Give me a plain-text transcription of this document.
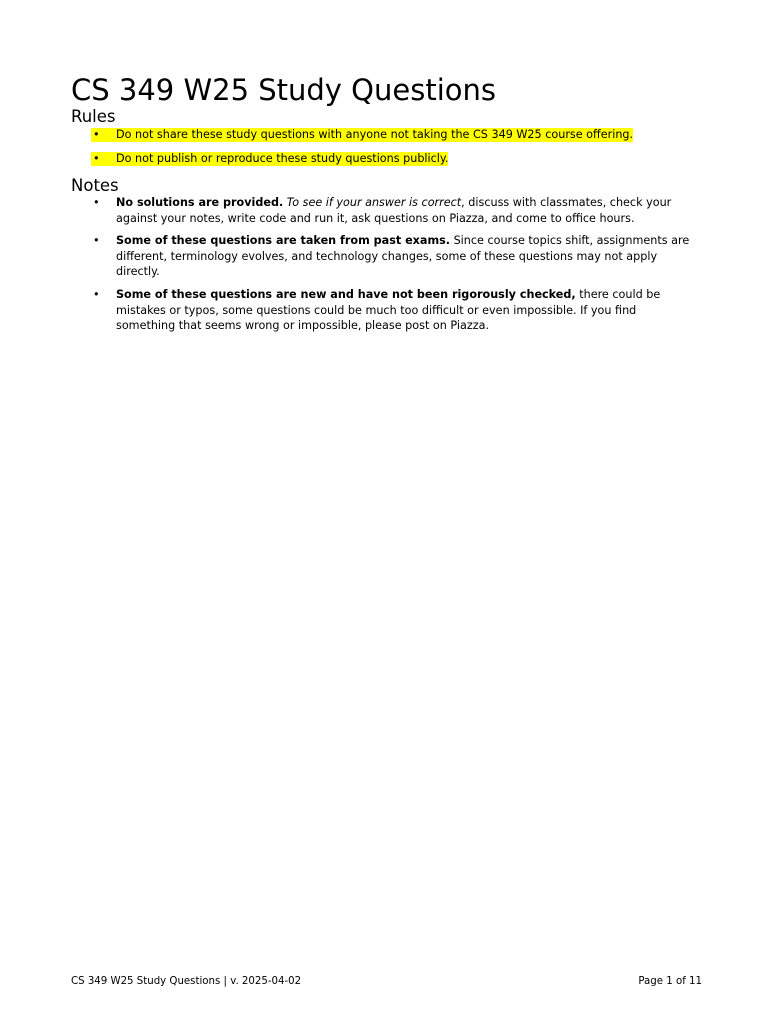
CS 349 W25 Study Questions
Rules
• Do not share these study questions with anyone not taking the CS 349 W25 course offering.
• Do not publish or reproduce these study questions publicly.
Notes
• No solutions are provided. To see if your answer is correct, discuss with classmates, check your against your notes, write code and run it, ask questions on Piazza, and come to office hours.
• Some of these questions are taken from past exams. Since course topics shift, assignments are different, terminology evolves, and technology changes, some of these questions may not apply directly.
• Some of these questions are new and have not been rigorously checked, there could be mistakes or typos, some questions could be much too difficult or even impossible. If you find something that seems wrong or impossible, please post on Piazza.
CS 349 W25 Study Questions | v. 2025-04-02	Page 1 of 11
